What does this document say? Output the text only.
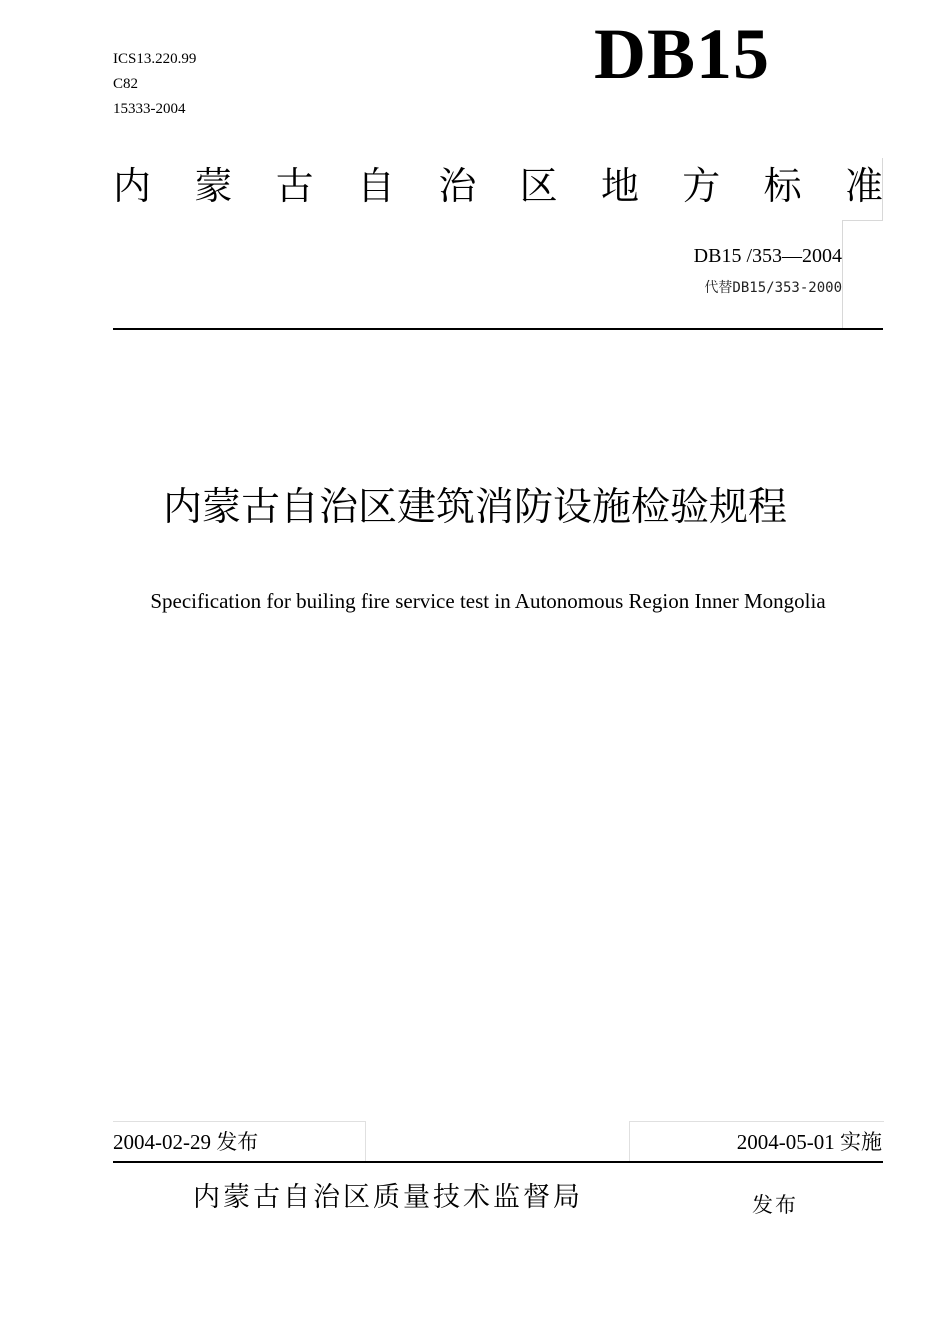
ICS13.220.99
C82
15333-2004
DB15
内 蒙 古 自 治 区 地 方 标 准
DB15 /353—2004
代替DB15/353-2000
内蒙古自治区建筑消防设施检验规程
Specification for builing fire service test in Autonomous Region Inner Mongolia
2004-02-29 发布	2004-05-01 实施
内蒙古自治区质量技术监督局	发布
